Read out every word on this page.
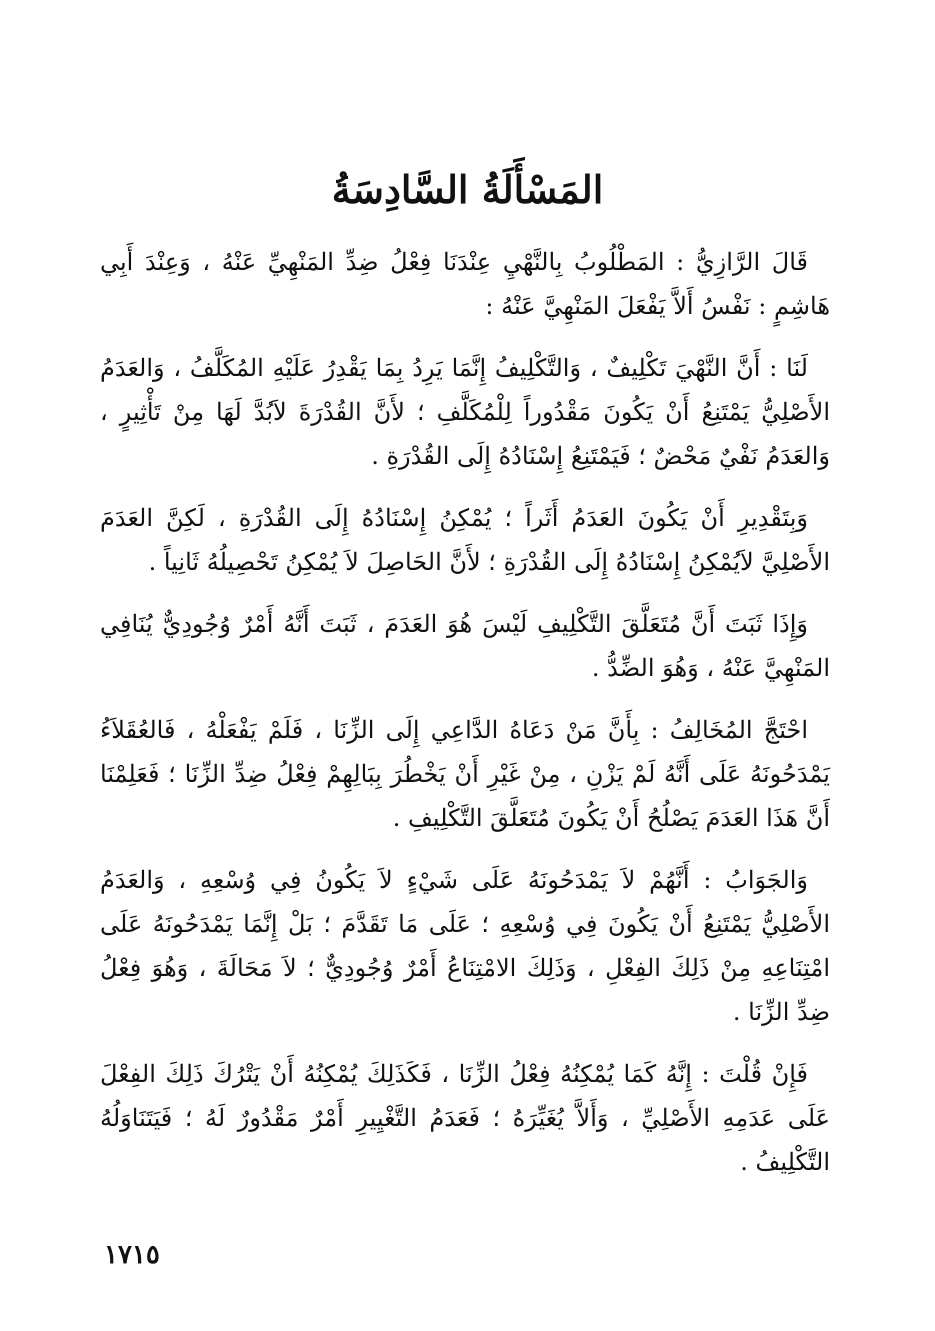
المَسْأَلَةُ السَّادِسَةُ

قَالَ الرَّازِيُّ : المَطْلُوبُ بِالنَّهْيِ عِنْدَنَا فِعْلُ ضِدِّ المَنْهِيِّ عَنْهُ ، وَعِنْدَ أَبِي هَاشِمٍ : نَفْسُ أَلاَّ يَفْعَلَ المَنْهِيَّ عَنْهُ :

لَنَا : أَنَّ النَّهْيَ تَكْلِيفٌ ، وَالتَّكْلِيفُ إِنَّمَا يَرِدُ بِمَا يَقْدِرُ عَلَيْهِ المُكَلَّفُ ، وَالعَدَمُ الأَصْلِيُّ يَمْتَنِعُ أَنْ يَكُونَ مَقْدُوراً لِلْمُكَلَّفِ ؛ لأَنَّ القُدْرَةَ لاَبُدَّ لَهَا مِنْ تَأْثِيرٍ ، وَالعَدَمُ نَفْيٌ مَحْضٌ ؛ فَيَمْتَنِعُ إِسْنَادُهُ إِلَى القُدْرَةِ .

وَبِتَقْدِيرِ أَنْ يَكُونَ العَدَمُ أَثَراً ؛ يُمْكِنُ إِسْنَادُهُ إِلَى القُدْرَةِ ، لَكِنَّ العَدَمَ الأَصْلِيَّ لاَيُمْكِنُ إِسْنَادُهُ إِلَى القُدْرَةِ ؛ لأَنَّ الحَاصِلَ لاَ يُمْكِنُ تَحْصِيلُهُ ثَانِياً .

وَإِذَا ثَبَتَ أَنَّ مُتَعَلَّقَ التَّكْلِيفِ لَيْسَ هُوَ العَدَمَ ، ثَبَتَ أَنَّهُ أَمْرٌ وُجُودِيٌّ يُنَافِي المَنْهِيَّ عَنْهُ ، وَهُوَ الضِّدُّ .

احْتَجَّ المُخَالِفُ : بِأَنَّ مَنْ دَعَاهُ الدَّاعِي إِلَى الزِّنَا ، فَلَمْ يَفْعَلْهُ ، فَالعُقَلاَءُ يَمْدَحُونَهُ عَلَى أَنَّهُ لَمْ يَزْنِ ، مِنْ غَيْرِ أَنْ يَخْطُرَ بِبَالِهِمْ فِعْلُ ضِدِّ الزِّنَا ؛ فَعَلِمْنَا أَنَّ هَذَا العَدَمَ يَصْلُحُ أَنْ يَكُونَ مُتَعَلَّقَ التَّكْلِيفِ .

وَالجَوَابُ : أَنَّهُمْ لاَ يَمْدَحُونَهُ عَلَى شَيْءٍ لاَ يَكُونُ فِي وُسْعِهِ ، وَالعَدَمُ الأَصْلِيُّ يَمْتَنِعُ أَنْ يَكُونَ فِي وُسْعِهِ ؛ عَلَى مَا تَقَدَّمَ ؛ بَلْ إِنَّمَا يَمْدَحُونَهُ عَلَى امْتِنَاعِهِ مِنْ ذَلِكَ الفِعْلِ ، وَذَلِكَ الامْتِنَاعُ أَمْرٌ وُجُودِيٌّ ؛ لاَ مَحَالَةَ ، وَهُوَ فِعْلُ ضِدِّ الزِّنَا .

فَإِنْ قُلْتَ : إِنَّهُ كَمَا يُمْكِنُهُ فِعْلُ الزِّنَا ، فَكَذَلِكَ يُمْكِنُهُ أَنْ يَتْرُكَ ذَلِكَ الفِعْلَ عَلَى عَدَمِهِ الأَصْلِيِّ ، وَأَلاَّ يُغَيِّرَهُ ؛ فَعَدَمُ التَّغْيِيرِ أَمْرٌ مَقْدُورٌ لَهُ ؛ فَيَتَنَاوَلُهُ التَّكْلِيفُ .

١٧١٥
